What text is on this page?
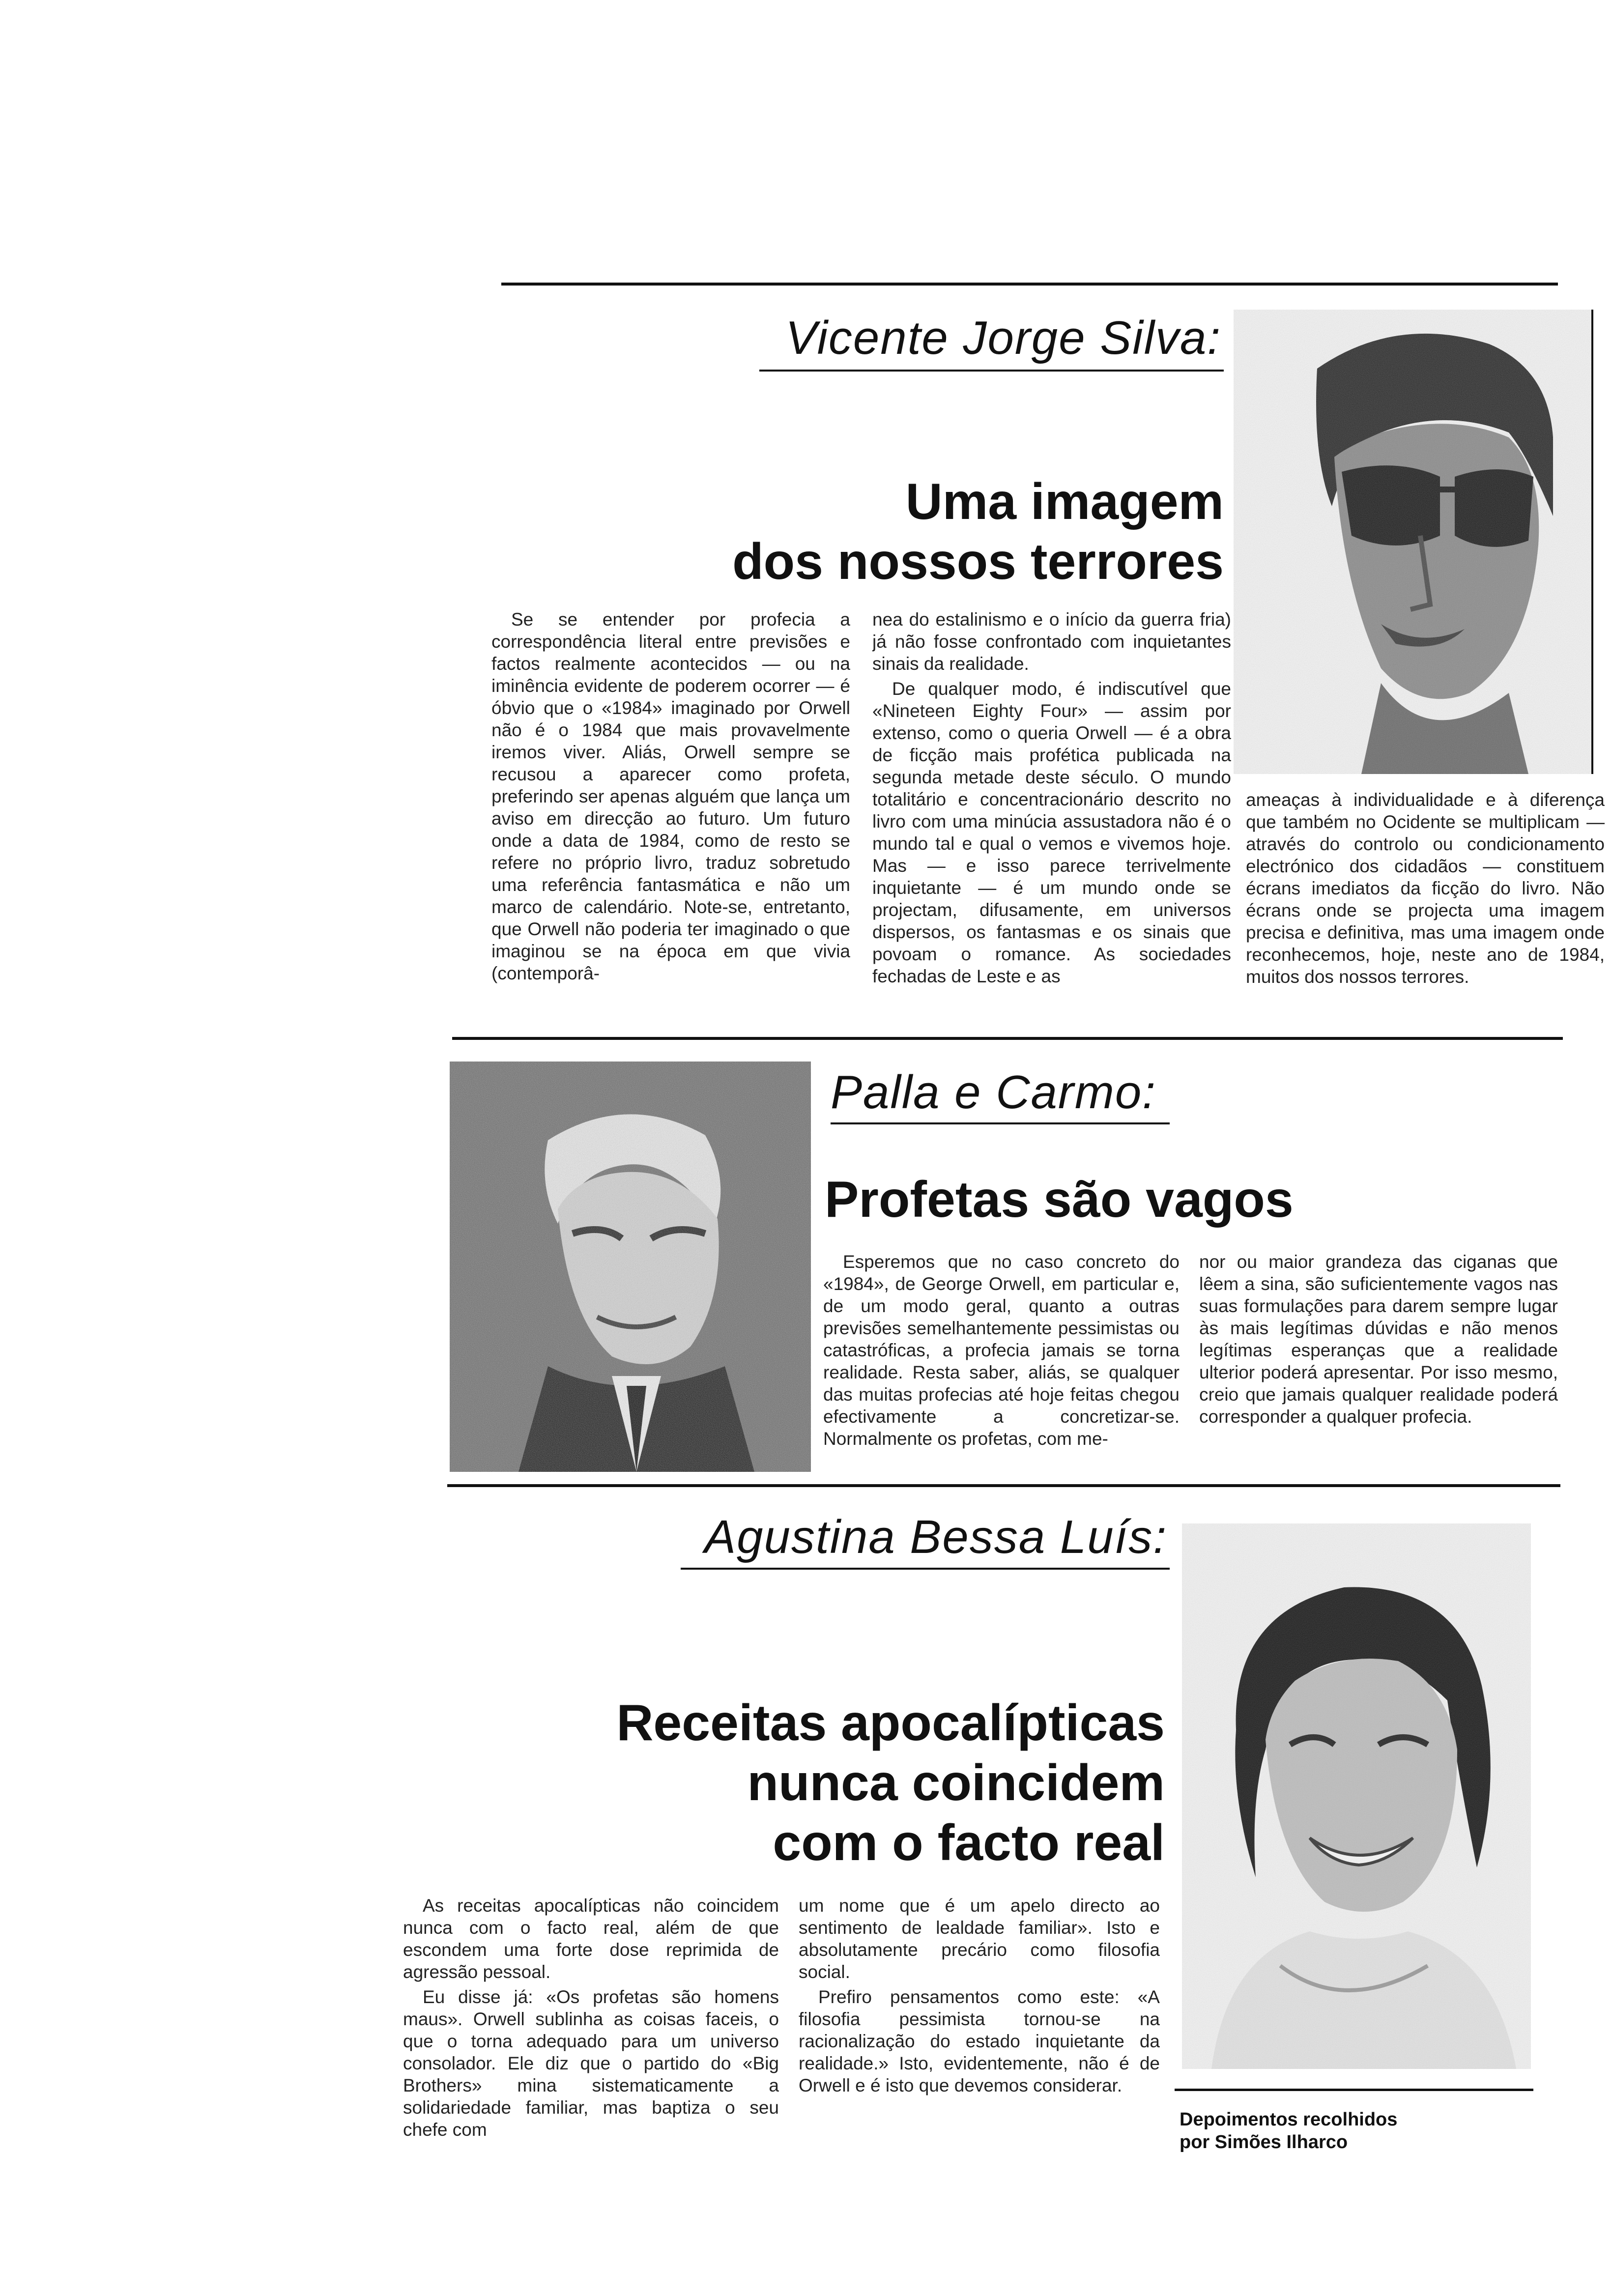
Vicente Jorge Silva:
Uma imagem
dos nossos terrores

Se se entender por profecia a correspondência literal entre previsões e factos realmente acontecidos — ou na iminência evidente de poderem ocorrer — é óbvio que o «1984» imaginado por Orwell não é o 1984 que mais provavelmente iremos viver. Aliás, Orwell sempre se recusou a aparecer como profeta, preferindo ser apenas alguém que lança um aviso em direcção ao futuro. Um futuro onde a data de 1984, como de resto se refere no próprio livro, traduz sobretudo uma referência fantasmática e não um marco de calendário. Note-se, entretanto, que Orwell não poderia ter imaginado o que imaginou se na época em que vivia (contemporâ-

nea do estalinismo e o início da guerra fria) já não fosse confrontado com inquietantes sinais da realidade.

De qualquer modo, é indiscutível que «Nineteen Eighty Four» — assim por extenso, como o queria Orwell — é a obra de ficção mais profética publicada na segunda metade deste século. O mundo totalitário e concentracionário descrito no livro com uma minúcia assustadora não é o mundo tal e qual o vemos e vivemos hoje. Mas — e isso parece terrivelmente inquietante — é um mundo onde se projectam, difusamente, em universos dispersos, os fantasmas e os sinais que povoam o romance. As sociedades fechadas de Leste e as

ameaças à individualidade e à diferença que também no Ocidente se multiplicam — através do controlo ou condicionamento electrónico dos cidadãos — constituem écrans imediatos da ficção do livro. Não écrans onde se projecta uma imagem precisa e definitiva, mas uma imagem onde reconhecemos, hoje, neste ano de 1984, muitos dos nossos terrores.

Palla e Carmo:
Profetas são vagos

Esperemos que no caso concreto do «1984», de George Orwell, em particular e, de um modo geral, quanto a outras previsões semelhantemente pessimistas ou catastróficas, a profecia jamais se torna realidade. Resta saber, aliás, se qualquer das muitas profecias até hoje feitas chegou efectivamente a concretizar-se. Normalmente os profetas, com me-

nor ou maior grandeza das ciganas que lêem a sina, são suficientemente vagos nas suas formulações para darem sempre lugar às mais legítimas dúvidas e não menos legítimas esperanças que a realidade ulterior poderá apresentar. Por isso mesmo, creio que jamais qualquer realidade poderá corresponder a qualquer profecia.

Agustina Bessa Luís:
Receitas apocalípticas
nunca coincidem
com o facto real

As receitas apocalípticas não coincidem nunca com o facto real, além de que escondem uma forte dose reprimida de agressão pessoal.

Eu disse já: «Os profetas são homens maus». Orwell sublinha as coisas faceis, o que o torna adequado para um universo consolador. Ele diz que o partido do «Big Brothers» mina sistematicamente a solidariedade familiar, mas baptiza o seu chefe com

um nome que é um apelo directo ao sentimento de lealdade familiar». Isto e absolutamente precário como filosofia social.

Prefiro pensamentos como este: «A filosofia pessimista tornou-se na racionalização do estado inquietante da realidade.» Isto, evidentemente, não é de Orwell e é isto que devemos considerar.

Depoimentos recolhidos
por Simões Ilharco
